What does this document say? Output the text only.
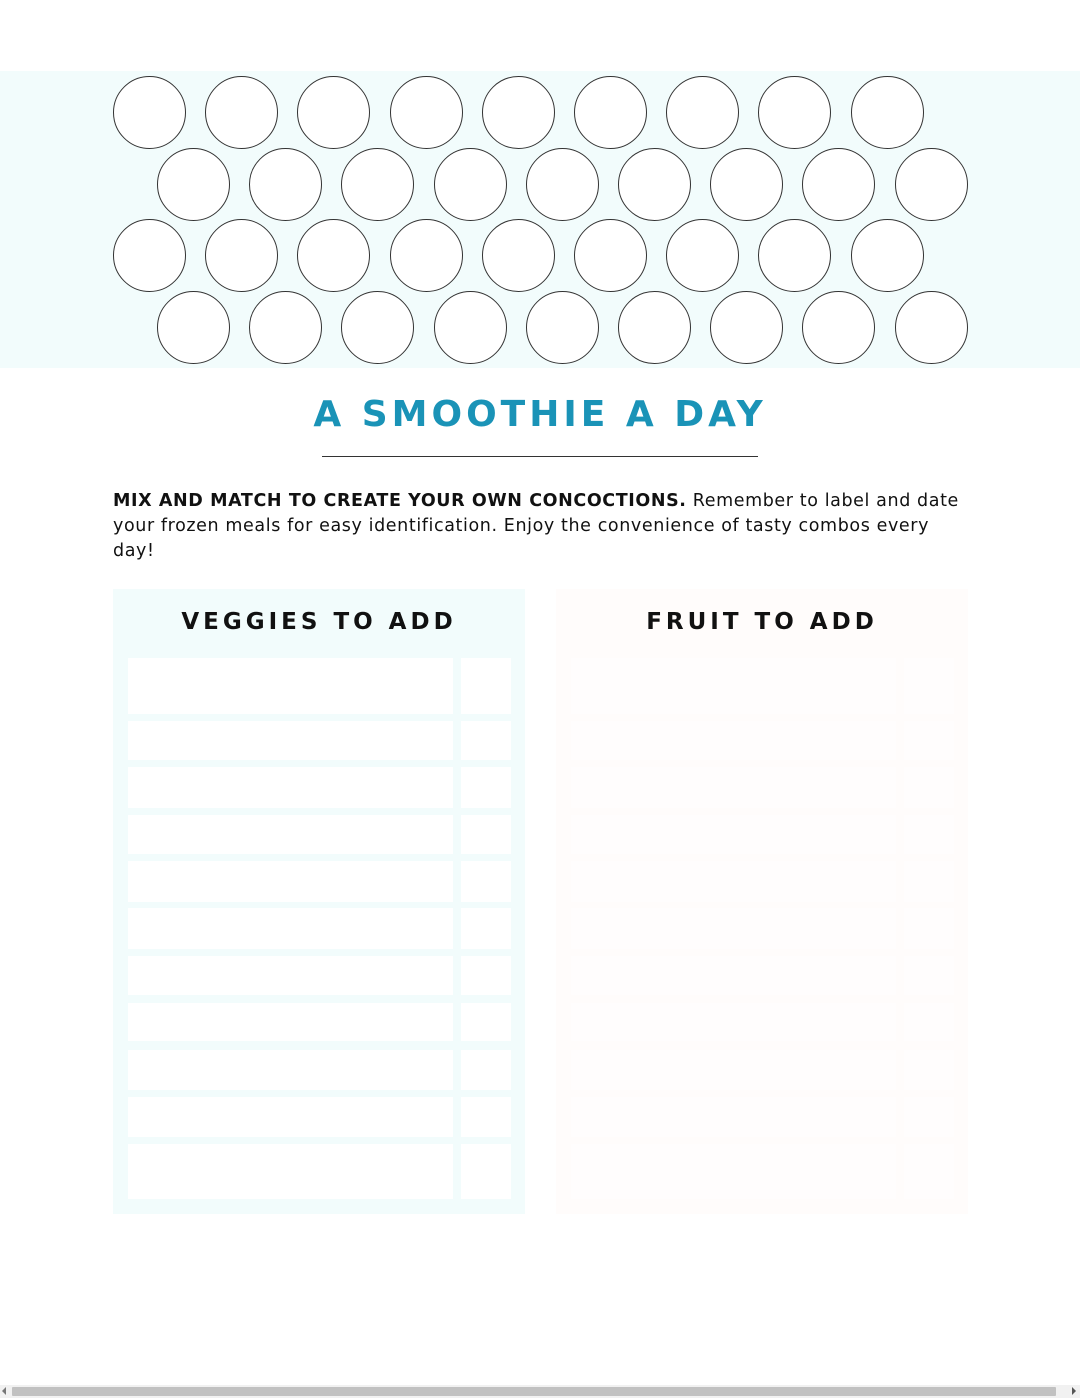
A SMOOTHIE A DAY

MIX AND MATCH TO CREATE YOUR OWN CONCOCTIONS. Remember to label and date your frozen meals for easy identification. Enjoy the convenience of tasty combos every day!

VEGGIES TO ADD	FRUIT TO ADD
